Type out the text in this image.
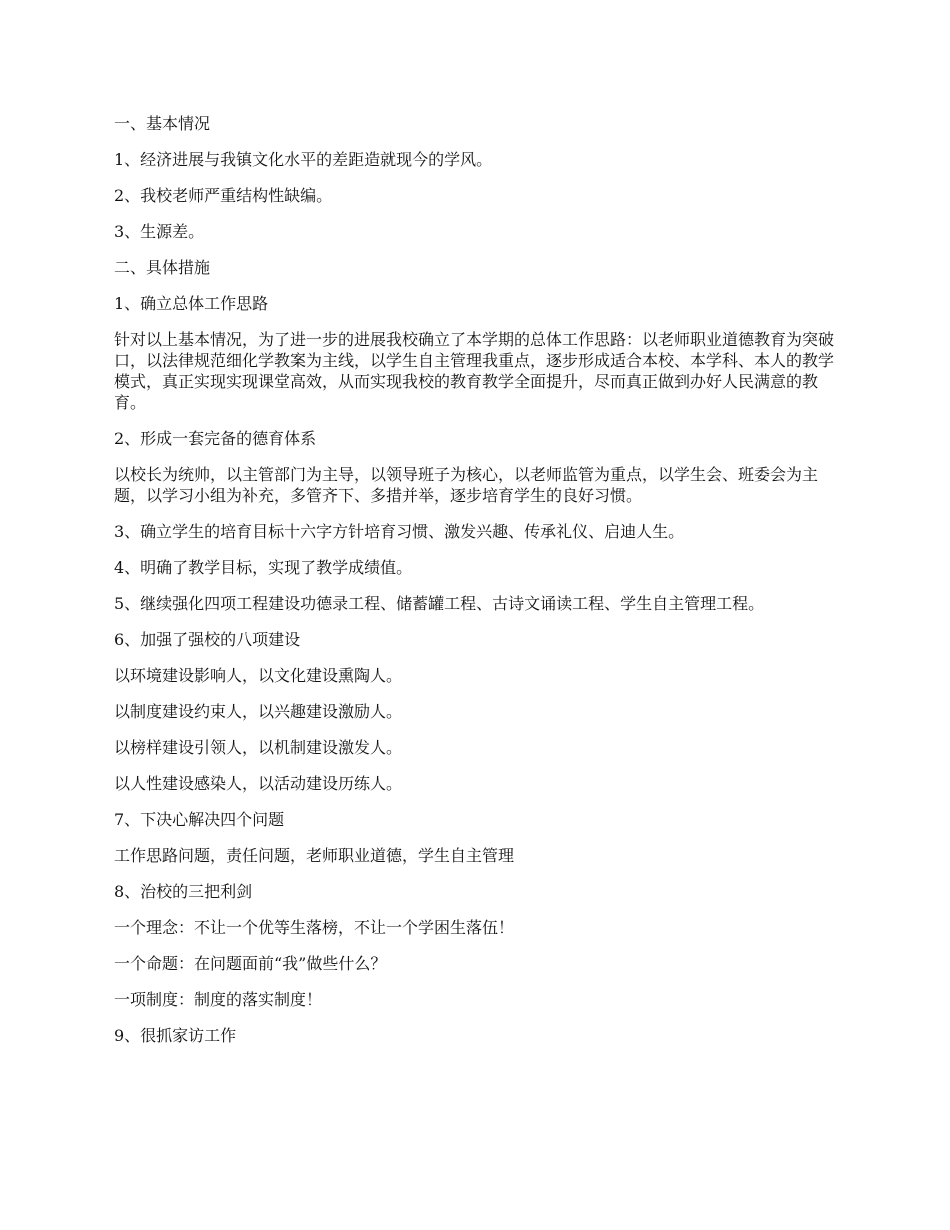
一、基本情况

1、经济进展与我镇文化水平的差距造就现今的学风。

2、我校老师严重结构性缺编。

3、生源差。

二、具体措施

1、确立总体工作思路

针对以上基本情况，为了进一步的进展我校确立了本学期的总体工作思路：以老师职业道德教育为突破口，以法律规范细化学教案为主线，以学生自主管理我重点，逐步形成适合本校、本学科、本人的教学模式，真正实现实现课堂高效，从而实现我校的教育教学全面提升，尽而真正做到办好人民满意的教育。

2、形成一套完备的德育体系

以校长为统帅，以主管部门为主导，以领导班子为核心，以老师监管为重点，以学生会、班委会为主题，以学习小组为补充，多管齐下、多措并举，逐步培育学生的良好习惯。

3、确立学生的培育目标十六字方针培育习惯、激发兴趣、传承礼仪、启迪人生。

4、明确了教学目标，实现了教学成绩值。

5、继续强化四项工程建设功德录工程、储蓄罐工程、古诗文诵读工程、学生自主管理工程。

6、加强了强校的八项建设

以环境建设影响人，以文化建设熏陶人。

以制度建设约束人，以兴趣建设激励人。

以榜样建设引领人，以机制建设激发人。

以人性建设感染人，以活动建设历练人。

7、下决心解决四个问题

工作思路问题，责任问题，老师职业道德，学生自主管理

8、治校的三把利剑

一个理念：不让一个优等生落榜，不让一个学困生落伍！

一个命题：在问题面前“我”做些什么？

一项制度：制度的落实制度！

9、很抓家访工作
